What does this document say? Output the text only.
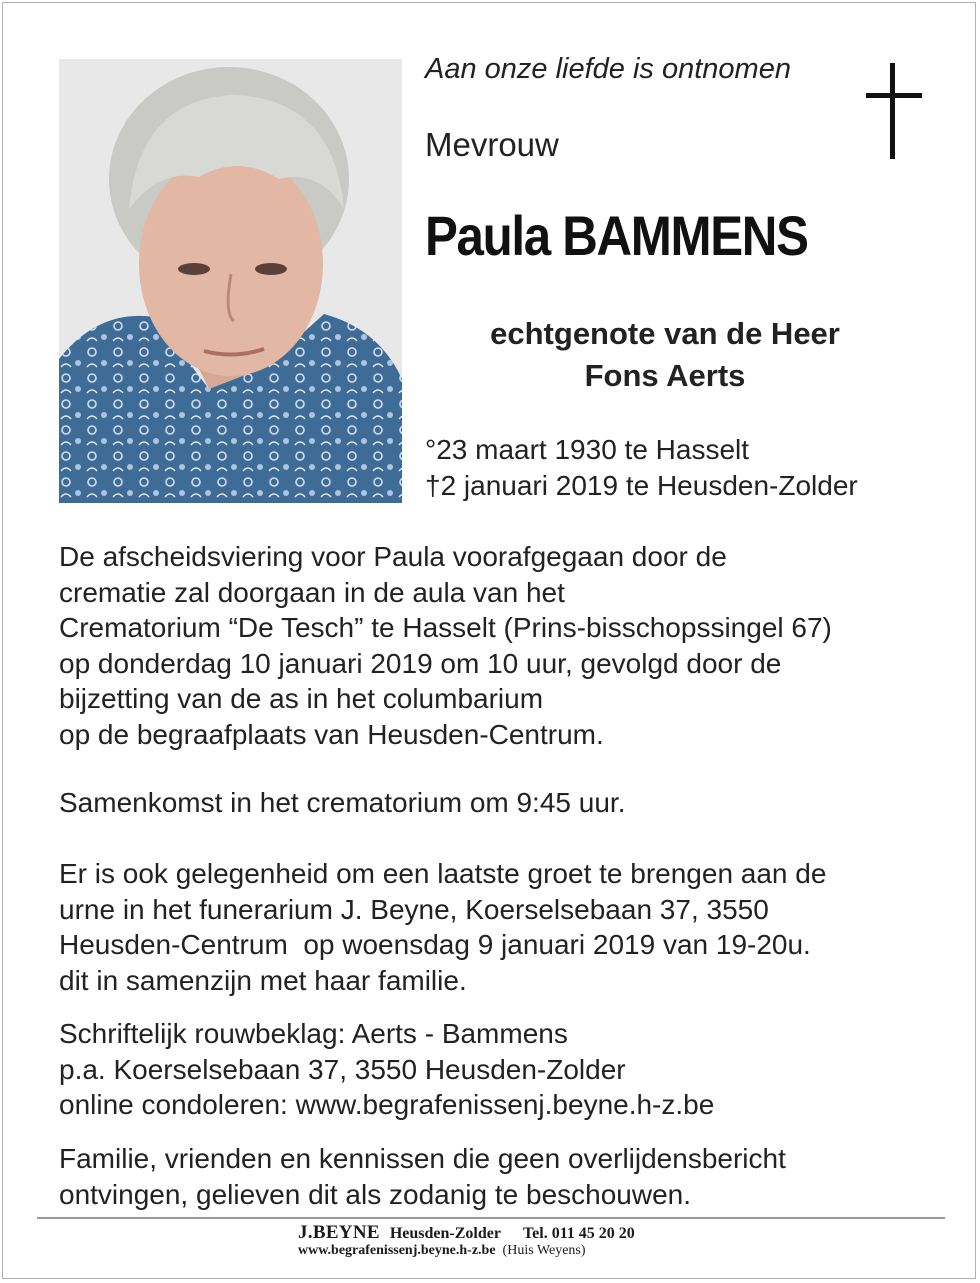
Aan onze liefde is ontnomen
Mevrouw
Paula BAMMENS
echtgenote van de Heer
Fons Aerts
°23 maart 1930 te Hasselt
†2 januari 2019 te Heusden-Zolder
De afscheidsviering voor Paula voorafgegaan door de
crematie zal doorgaan in de aula van het
Crematorium “De Tesch” te Hasselt (Prins-bisschopssingel 67)
op donderdag 10 januari 2019 om 10 uur, gevolgd door de
bijzetting van de as in het columbarium
op de begraafplaats van Heusden-Centrum.
Samenkomst in het crematorium om 9:45 uur.
Er is ook gelegenheid om een laatste groet te brengen aan de
urne in het funerarium J. Beyne, Koerselsebaan 37, 3550
Heusden-Centrum  op woensdag 9 januari 2019 van 19-20u.
dit in samenzijn met haar familie.
Schriftelijk rouwbeklag: Aerts - Bammens
p.a. Koerselsebaan 37, 3550 Heusden-Zolder
online condoleren: www.begrafenissenj.beyne.h-z.be
Familie, vrienden en kennissen die geen overlijdensbericht
ontvingen, gelieven dit als zodanig te beschouwen.
J.BEYNE Heusden-Zolder Tel. 011 45 20 20
www.begrafenissenj.beyne.h-z.be (Huis Weyens)
